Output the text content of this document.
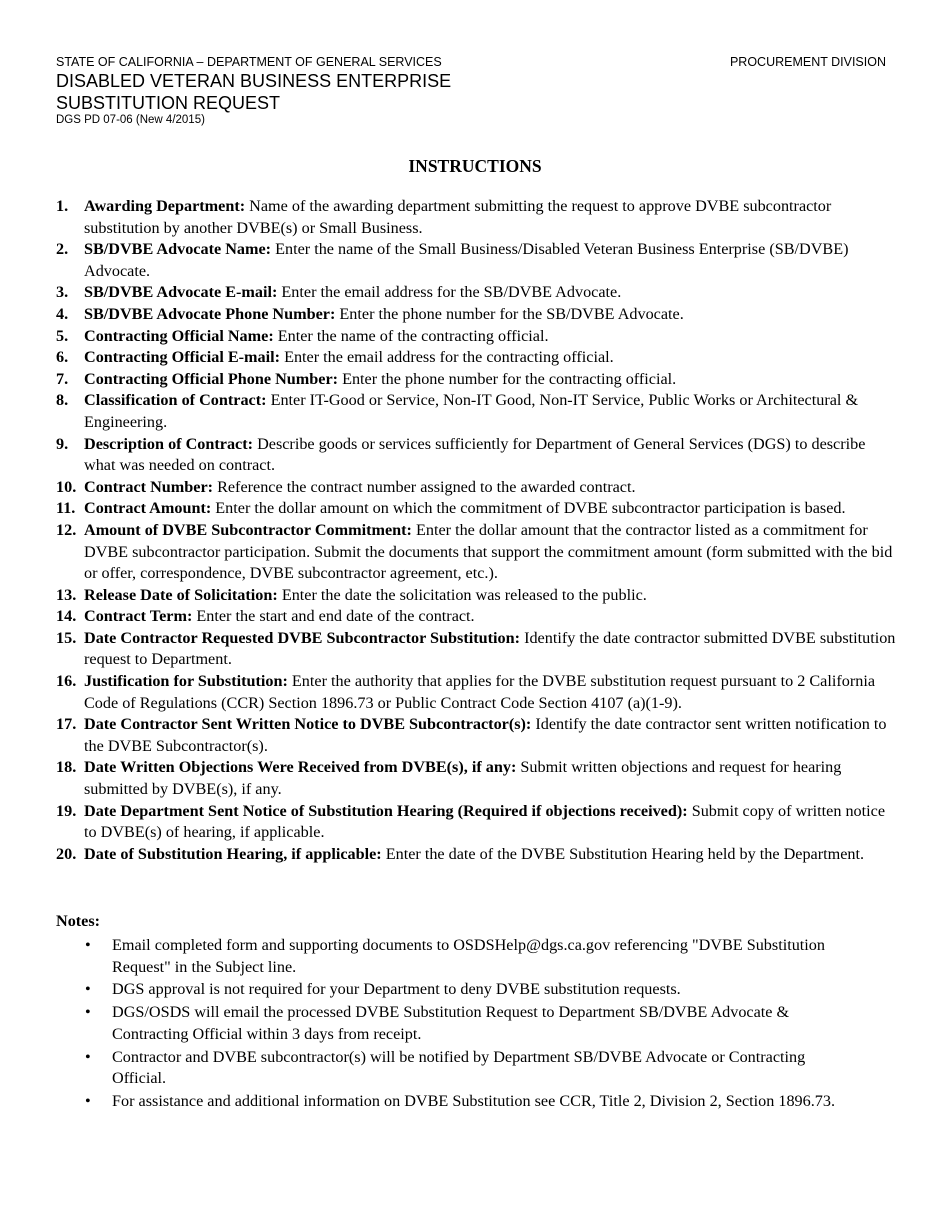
STATE OF CALIFORNIA – DEPARTMENT OF GENERAL SERVICES	PROCUREMENT DIVISION
DISABLED VETERAN BUSINESS ENTERPRISE
SUBSTITUTION REQUEST
DGS PD 07-06 (New 4/2015)
INSTRUCTIONS
1. Awarding Department: Name of the awarding department submitting the request to approve DVBE subcontractor substitution by another DVBE(s) or Small Business.
2. SB/DVBE Advocate Name: Enter the name of the Small Business/Disabled Veteran Business Enterprise (SB/DVBE) Advocate.
3. SB/DVBE Advocate E-mail: Enter the email address for the SB/DVBE Advocate.
4. SB/DVBE Advocate Phone Number: Enter the phone number for the SB/DVBE Advocate.
5. Contracting Official Name: Enter the name of the contracting official.
6. Contracting Official E-mail: Enter the email address for the contracting official.
7. Contracting Official Phone Number: Enter the phone number for the contracting official.
8. Classification of Contract: Enter IT-Good or Service, Non-IT Good, Non-IT Service, Public Works or Architectural & Engineering.
9. Description of Contract: Describe goods or services sufficiently for Department of General Services (DGS) to describe what was needed on contract.
10. Contract Number: Reference the contract number assigned to the awarded contract.
11. Contract Amount: Enter the dollar amount on which the commitment of DVBE subcontractor participation is based.
12. Amount of DVBE Subcontractor Commitment: Enter the dollar amount that the contractor listed as a commitment for DVBE subcontractor participation. Submit the documents that support the commitment amount (form submitted with the bid or offer, correspondence, DVBE subcontractor agreement, etc.).
13. Release Date of Solicitation: Enter the date the solicitation was released to the public.
14. Contract Term: Enter the start and end date of the contract.
15. Date Contractor Requested DVBE Subcontractor Substitution: Identify the date contractor submitted DVBE substitution request to Department.
16. Justification for Substitution: Enter the authority that applies for the DVBE substitution request pursuant to 2 California Code of Regulations (CCR) Section 1896.73 or Public Contract Code Section 4107 (a)(1-9).
17. Date Contractor Sent Written Notice to DVBE Subcontractor(s): Identify the date contractor sent written notification to the DVBE Subcontractor(s).
18. Date Written Objections Were Received from DVBE(s), if any: Submit written objections and request for hearing submitted by DVBE(s), if any.
19. Date Department Sent Notice of Substitution Hearing (Required if objections received): Submit copy of written notice to DVBE(s) of hearing, if applicable.
20. Date of Substitution Hearing, if applicable: Enter the date of the DVBE Substitution Hearing held by the Department.
Notes:
• Email completed form and supporting documents to OSDSHelp@dgs.ca.gov referencing "DVBE Substitution Request" in the Subject line.
• DGS approval is not required for your Department to deny DVBE substitution requests.
• DGS/OSDS will email the processed DVBE Substitution Request to Department SB/DVBE Advocate & Contracting Official within 3 days from receipt.
• Contractor and DVBE subcontractor(s) will be notified by Department SB/DVBE Advocate or Contracting Official.
• For assistance and additional information on DVBE Substitution see CCR, Title 2, Division 2, Section 1896.73.
